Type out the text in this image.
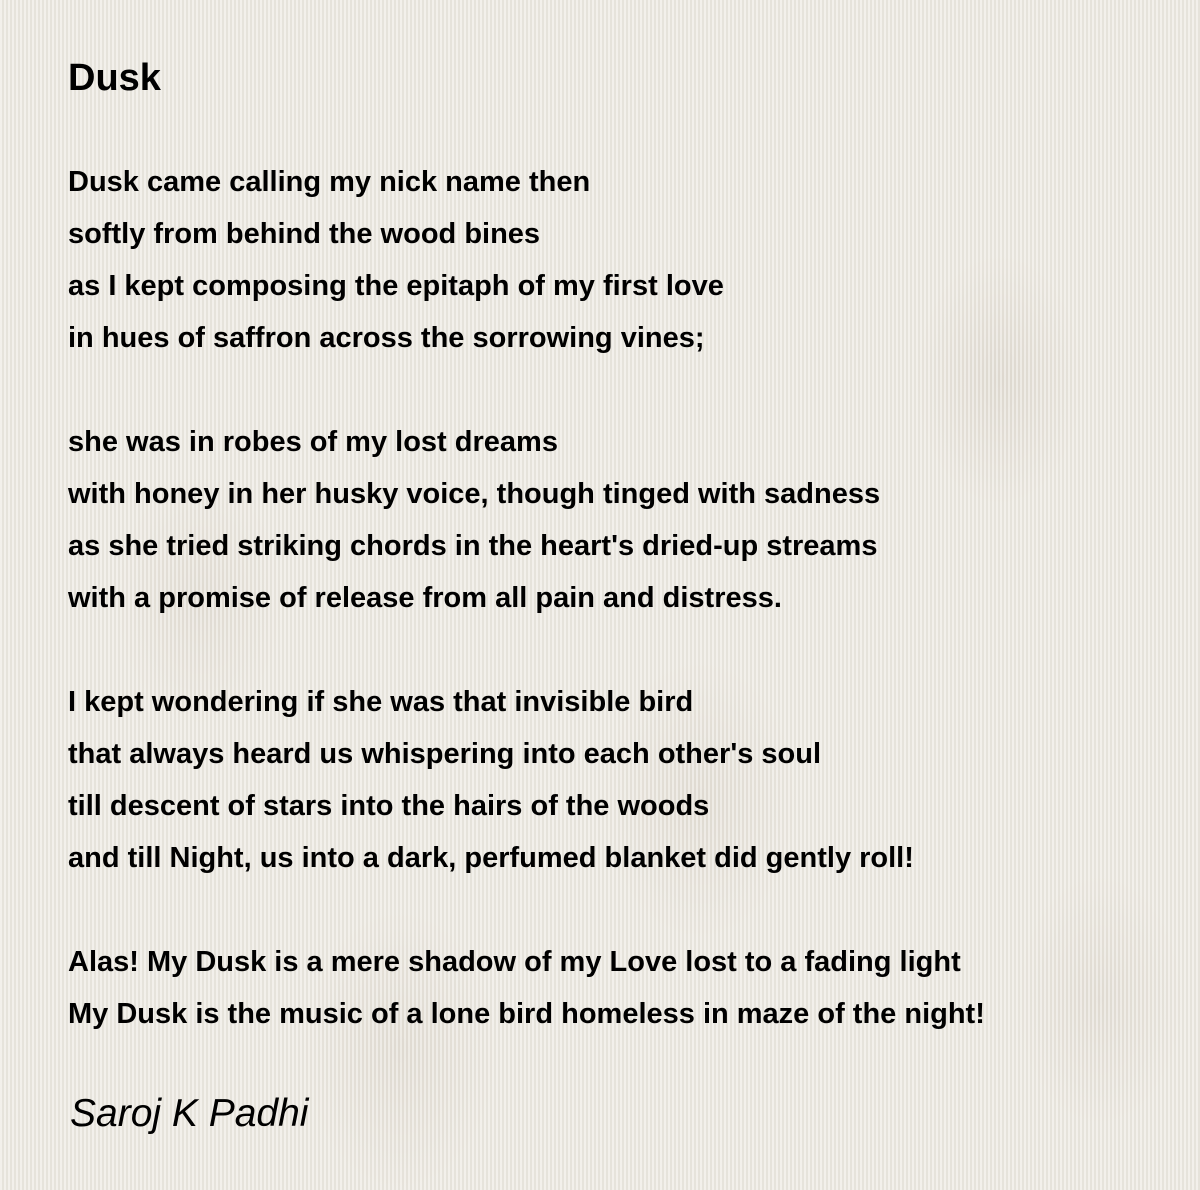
Dusk

Dusk came calling my nick name then
softly from behind the wood bines
as I kept composing the epitaph of my first love
in hues of saffron across the sorrowing vines;

she was in robes of my lost dreams
with honey in her husky voice, though tinged with sadness
as she tried striking chords in the heart's dried-up streams
with a promise of release from all pain and distress.

I kept wondering if she was that invisible bird
that always heard us whispering into each other's soul
till descent of stars into the hairs of the woods
and till Night, us into a dark, perfumed blanket did gently roll!

Alas! My Dusk is a mere shadow of my Love lost to a fading light
My Dusk is the music of a lone bird homeless in maze of the night!

Saroj K Padhi
